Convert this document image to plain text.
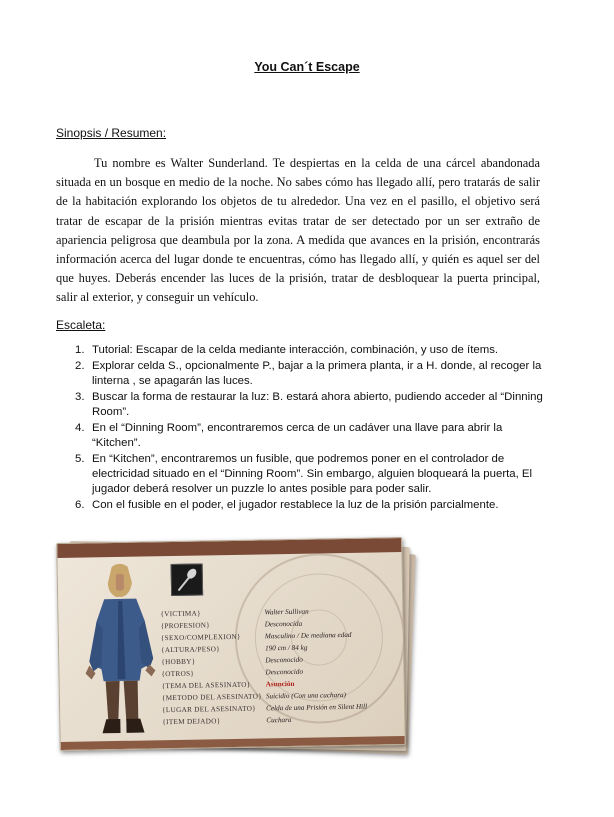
You Can´t Escape
Sinopsis / Resumen:

Tu nombre es Walter Sunderland. Te despiertas en la celda de una cárcel abandonada situada en un bosque en medio de la noche. No sabes cómo has llegado allí, pero tratarás de salir de la habitación explorando los objetos de tu alrededor. Una vez en el pasillo, el objetivo será tratar de escapar de la prisión mientras evitas tratar de ser detectado por un ser extraño de apariencia peligrosa que deambula por la zona. A medida que avances en la prisión, encontrarás información acerca del lugar donde te encuentras, cómo has llegado allí, y quién es aquel ser del que huyes. Deberás encender las luces de la prisión, tratar de desbloquear la puerta principal, salir al exterior, y conseguir un vehículo.

Escaleta:
1. Tutorial: Escapar de la celda mediante interacción, combinación, y uso de ítems.
2. Explorar celda S., opcionalmente P., bajar a la primera planta, ir a H. donde, al recoger la linterna , se apagarán las luces.
3. Buscar la forma de restaurar la luz: B. estará ahora abierto, pudiendo acceder al “Dinning Room”.
4. En el “Dinning Room”, encontraremos cerca de un cadáver una llave para abrir la “Kitchen”.
5. En “Kitchen”, encontraremos un fusible, que podremos poner en el controlador de electricidad situado en el “Dinning Room”. Sin embargo, alguien bloqueará la puerta, El jugador deberá resolver un puzzle lo antes posible para poder salir.
6. Con el fusible en el poder, el jugador restablece la luz de la prisión parcialmente.
{VICTIMA}	Walter Sullivan
{PROFESION}	Desconocida
{SEXO/COMPLEXION}	Masculino / De mediana edad
{ALTURA/PESO}	190 cm / 84 kg
{HOBBY}	Desconocido
{OTROS}	Desconocido
{TEMA DEL ASESINATO}	Asunción
{METODO DEL ASESINATO} Suicidio (Con una cuchara)
{LUGAR DEL ASESINATO}	Celda de una Prisión en Silent Hill
{ITEM DEJADO}	Cuchara
